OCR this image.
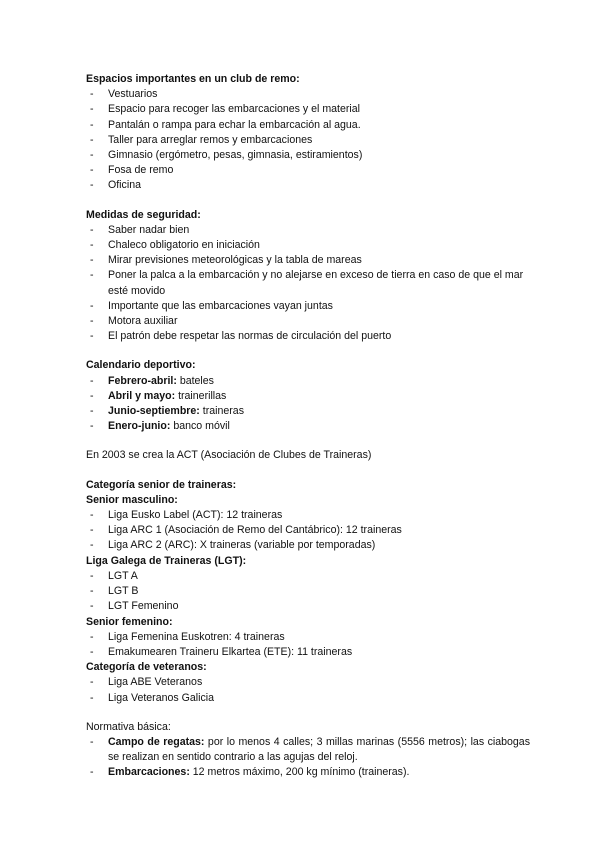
Espacios importantes en un club de remo:
- Vestuarios
- Espacio para recoger las embarcaciones y el material
- Pantalán o rampa para echar la embarcación al agua.
- Taller para arreglar remos y embarcaciones
- Gimnasio (ergómetro, pesas, gimnasia, estiramientos)
- Fosa de remo
- Oficina
Medidas de seguridad:
- Saber nadar bien
- Chaleco obligatorio en iniciación
- Mirar previsiones meteorológicas y la tabla de mareas
- Poner la palca a la embarcación y no alejarse en exceso de tierra en caso de que el mar esté movido
- Importante que las embarcaciones vayan juntas
- Motora auxiliar
- El patrón debe respetar las normas de circulación del puerto
Calendario deportivo:
- Febrero-abril: bateles
- Abril y mayo: trainerillas
- Junio-septiembre: traineras
- Enero-junio: banco móvil
En 2003 se crea la ACT (Asociación de Clubes de Traineras)
Categoría senior de traineras:
Senior masculino:
- Liga Eusko Label (ACT): 12 traineras
- Liga ARC 1 (Asociación de Remo del Cantábrico): 12 traineras
- Liga ARC 2 (ARC): X traineras (variable por temporadas)
Liga Galega de Traineras (LGT):
- LGT A
- LGT B
- LGT Femenino
Senior femenino:
- Liga Femenina Euskotren: 4 traineras
- Emakumearen Traineru Elkartea (ETE): 11 traineras
Categoría de veteranos:
- Liga ABE Veteranos
- Liga Veteranos Galicia
Normativa básica:
- Campo de regatas: por lo menos 4 calles; 3 millas marinas (5556 metros); las ciabogas se realizan en sentido contrario a las agujas del reloj.
- Embarcaciones: 12 metros máximo, 200 kg mínimo (traineras).
